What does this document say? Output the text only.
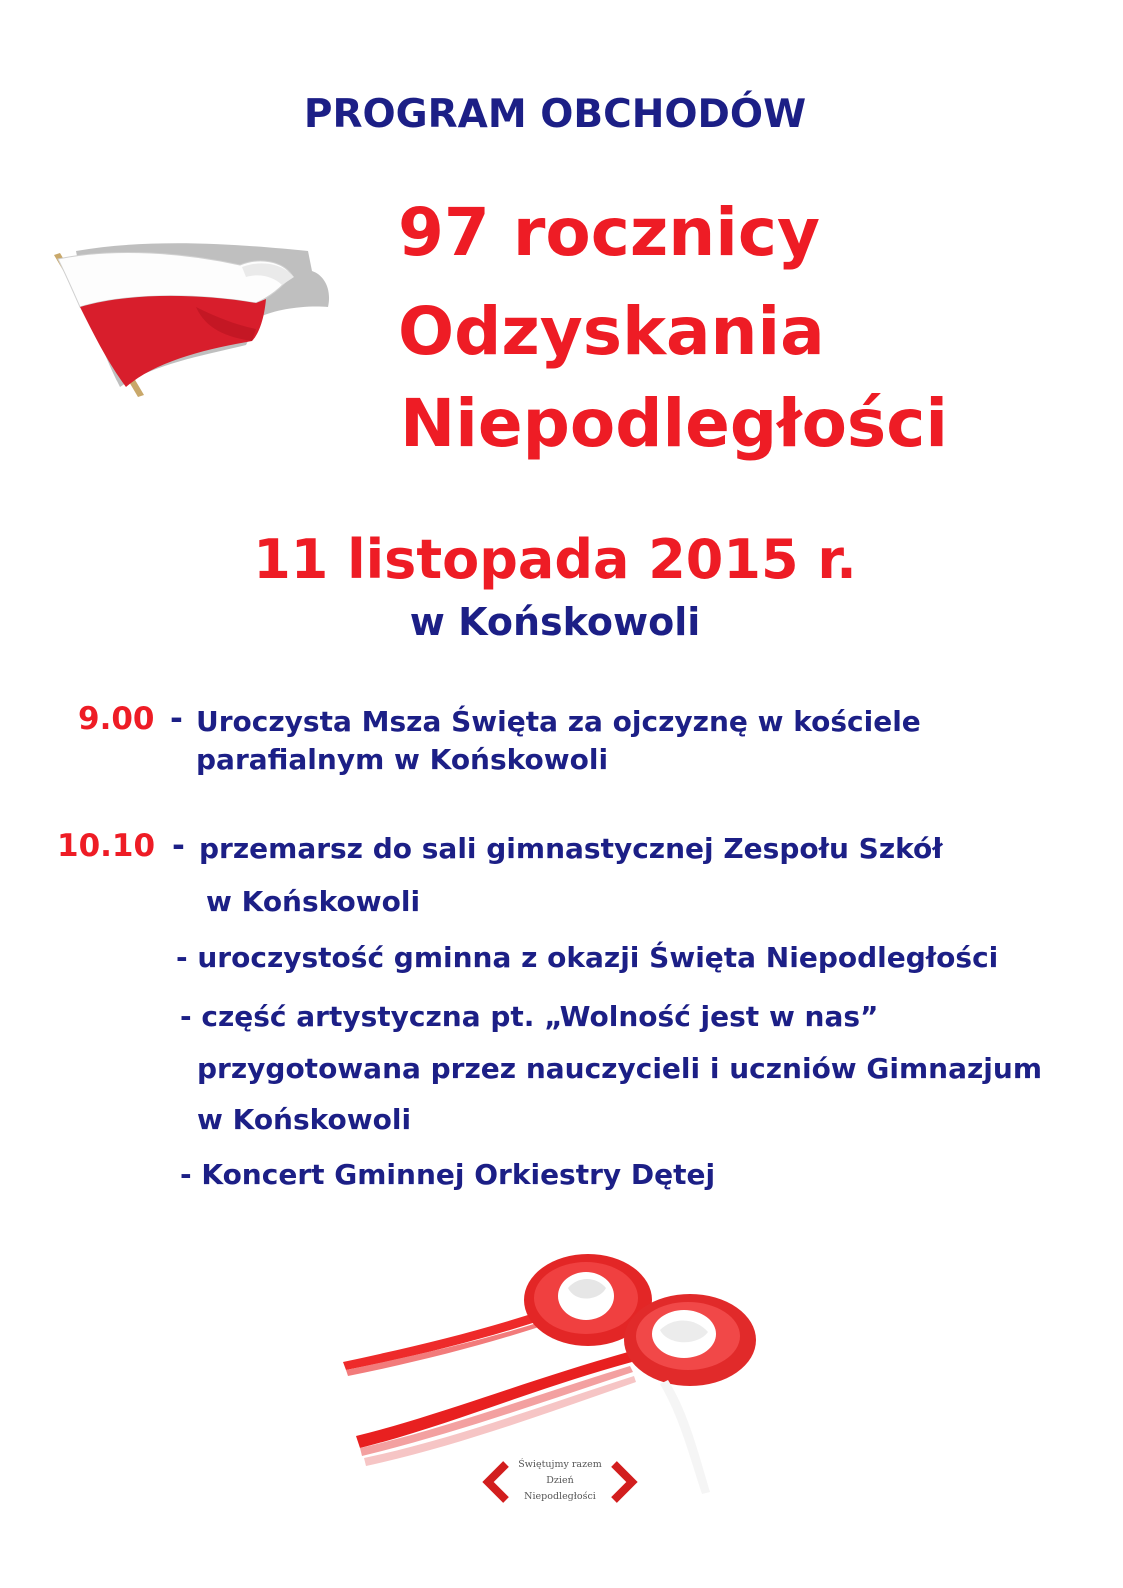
PROGRAM OBCHODÓW
97 rocznicy
Odzyskania
Niepodległości
11 listopada 2015 r.
w Końskowoli
9.00 - Uroczysta Msza Święta za ojczyznę w kościele
parafialnym w Końskowoli
10.10 - przemarsz do sali gimnastycznej Zespołu Szkół
w Końskowoli
- uroczystość gminna z okazji Święta Niepodległości
- część artystyczna pt. „Wolność jest w nas”
przygotowana przez nauczycieli i uczniów Gimnazjum
w Końskowoli
- Koncert Gminnej Orkiestry Dętej
Świętujmy razem
Dzień
Niepodległości
